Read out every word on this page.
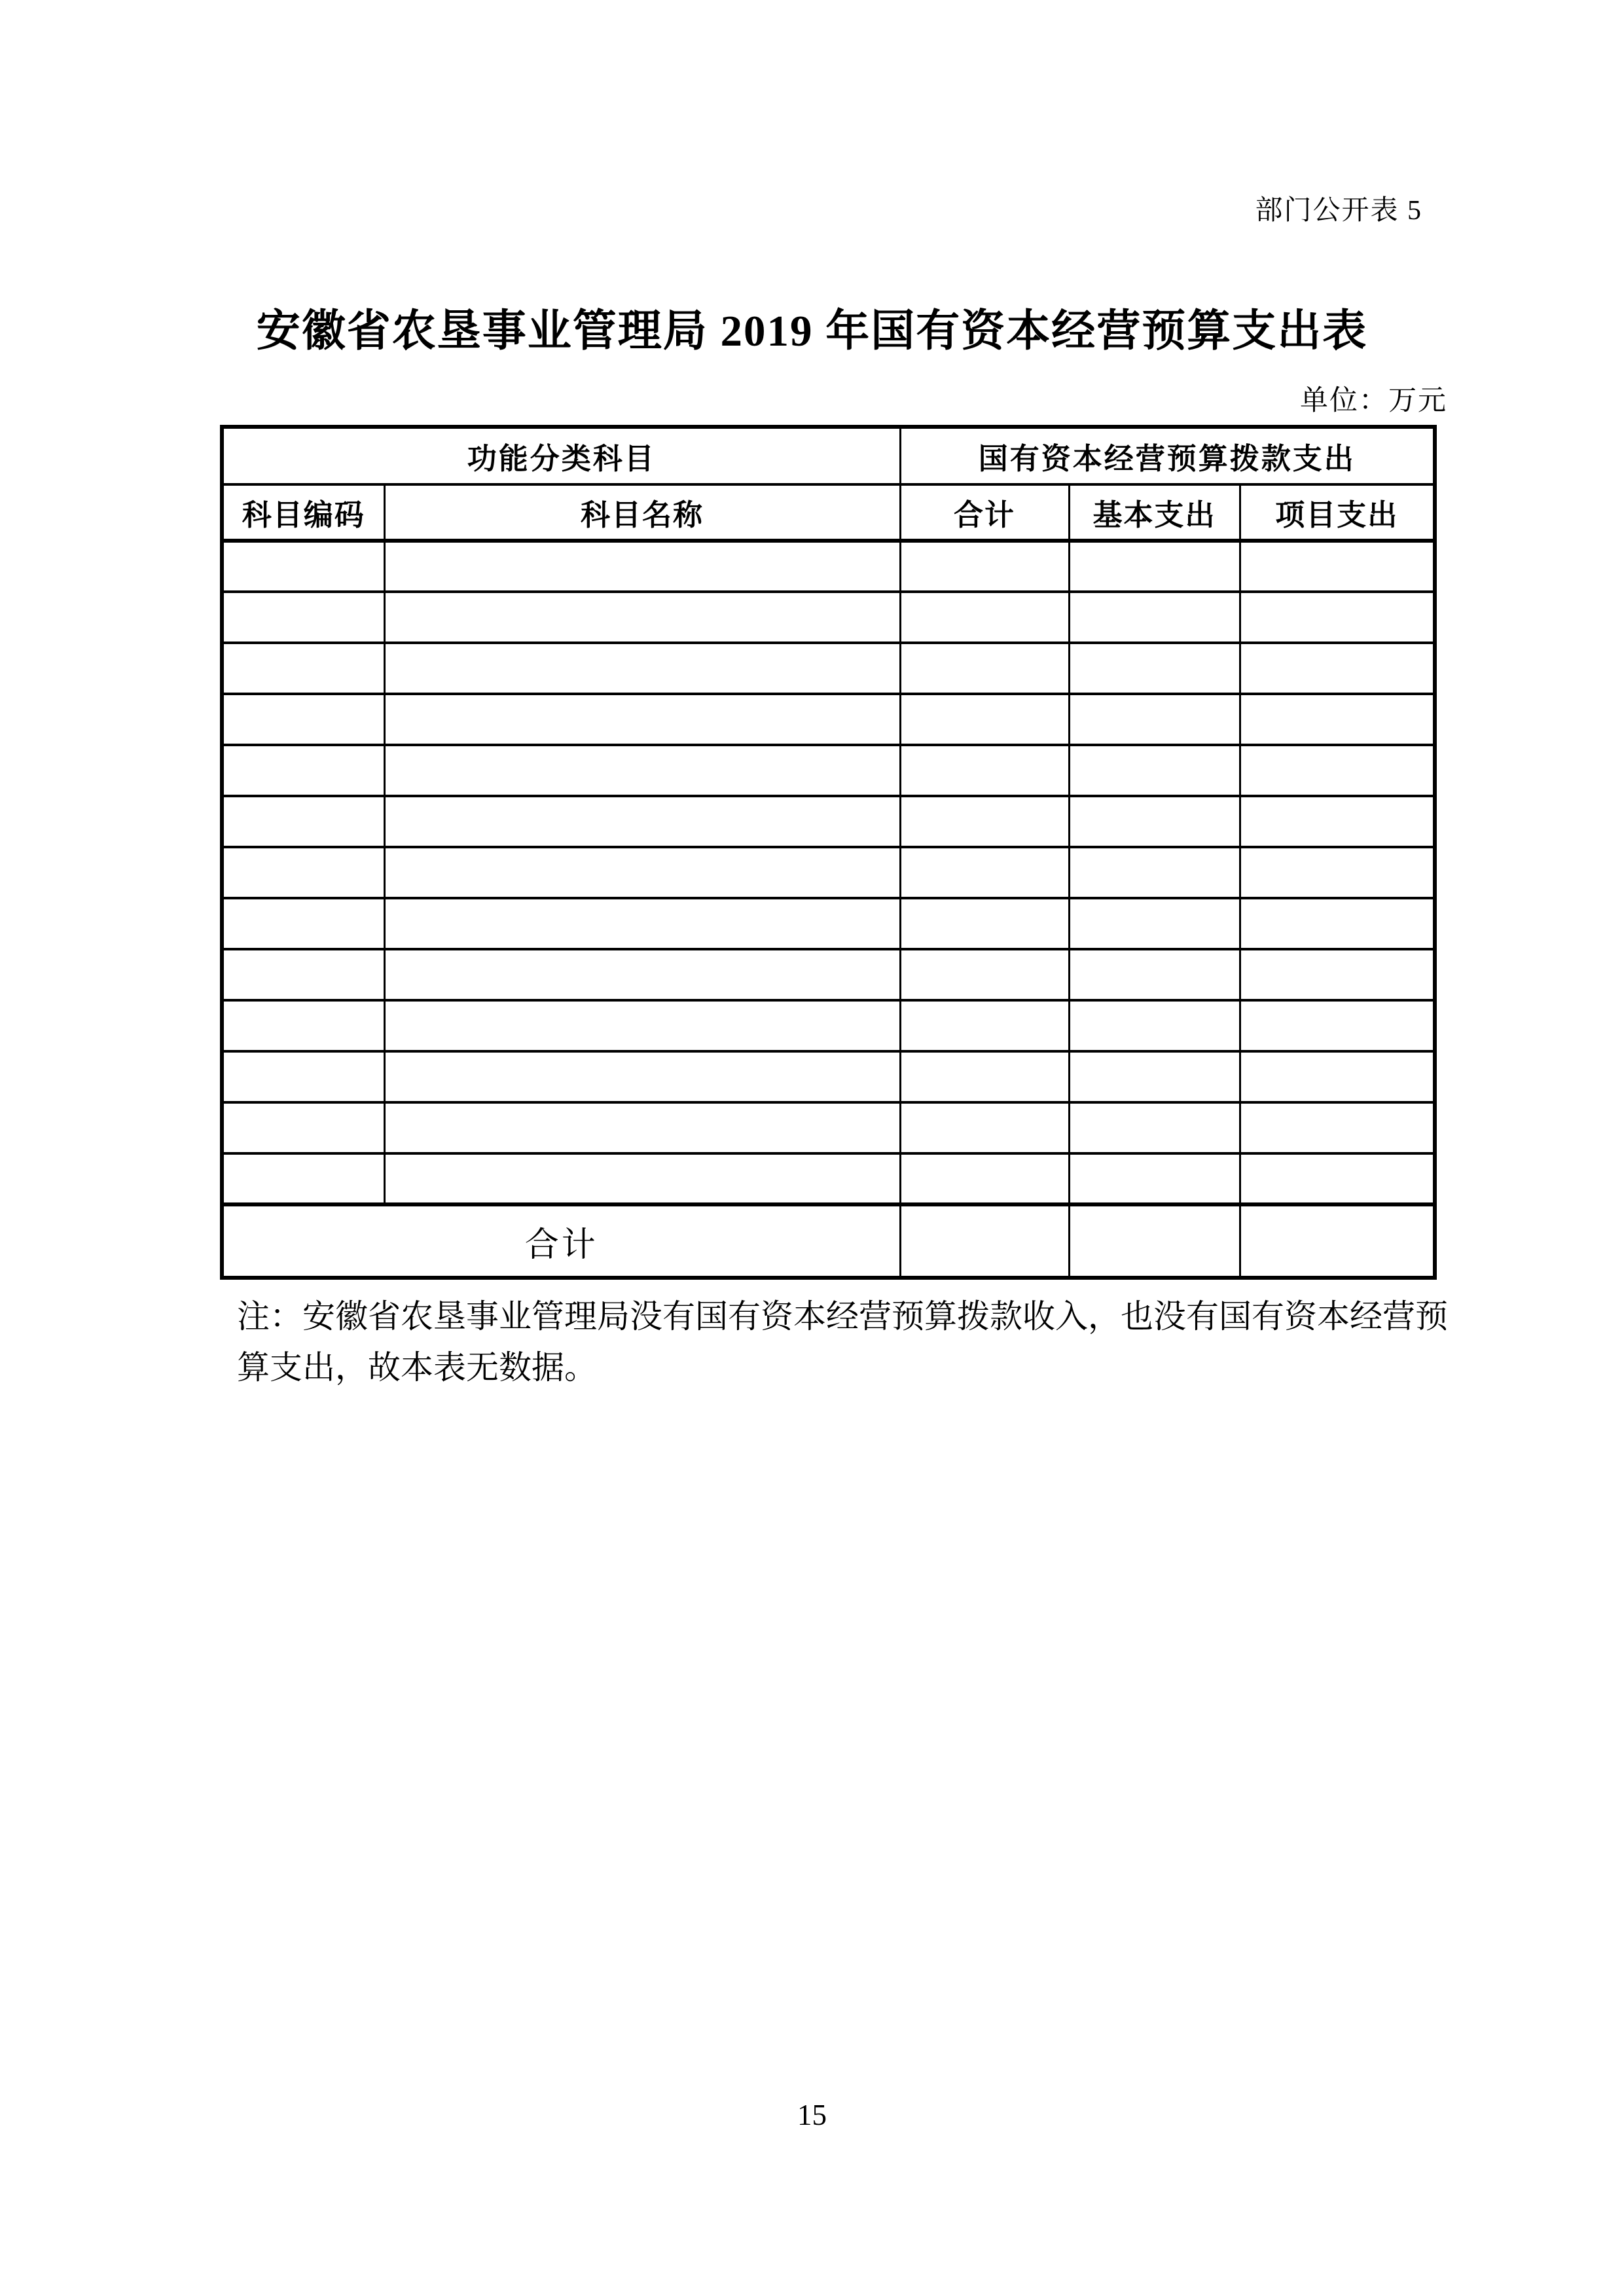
部门公开表 5
安徽省农垦事业管理局 2019 年国有资本经营预算支出表
单位：万元
功能分类科目		国有资本经营预算拨款支出		
科目编码	科目名称	合计	基本支出	项目支出

合计				
注：安徽省农垦事业管理局没有国有资本经营预算拨款收入，也没有国有资本经营预
算支出，故本表无数据。
15
